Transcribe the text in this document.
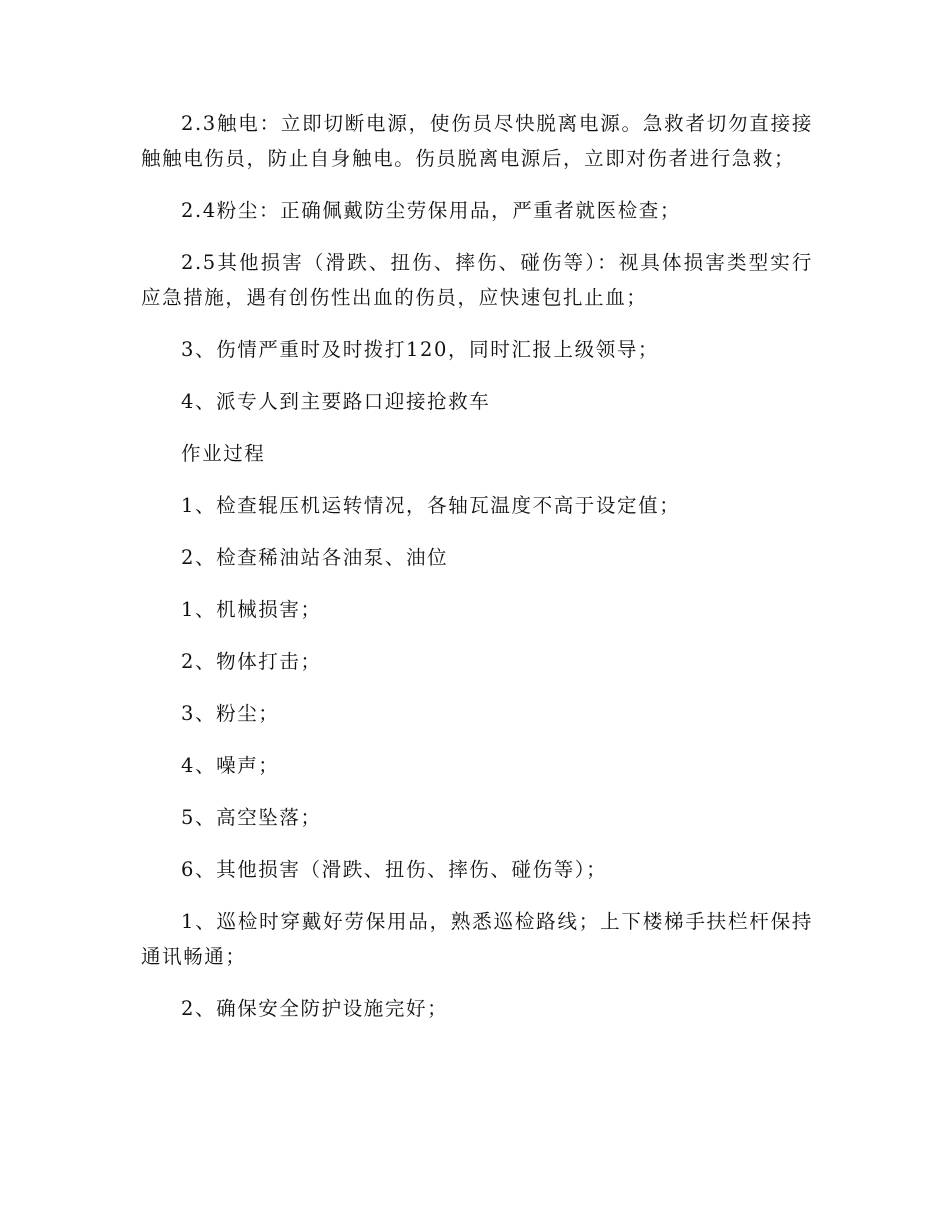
2.3触电：立即切断电源，使伤员尽快脱离电源。急救者切勿直接接触触电伤员，防止自身触电。伤员脱离电源后，立即对伤者进行急救；

2.4粉尘：正确佩戴防尘劳保用品，严重者就医检查；

2.5其他损害（滑跌、扭伤、摔伤、碰伤等）：视具体损害类型实行应急措施，遇有创伤性出血的伤员，应快速包扎止血；

3、伤情严重时及时拨打120，同时汇报上级领导；

4、派专人到主要路口迎接抢救车

作业过程

1、检查辊压机运转情况，各轴瓦温度不高于设定值；

2、检查稀油站各油泵、油位

1、机械损害；

2、物体打击；

3、粉尘；

4、噪声；

5、高空坠落；

6、其他损害（滑跌、扭伤、摔伤、碰伤等）；

1、巡检时穿戴好劳保用品，熟悉巡检路线；上下楼梯手扶栏杆保持通讯畅通；

2、确保安全防护设施完好；
